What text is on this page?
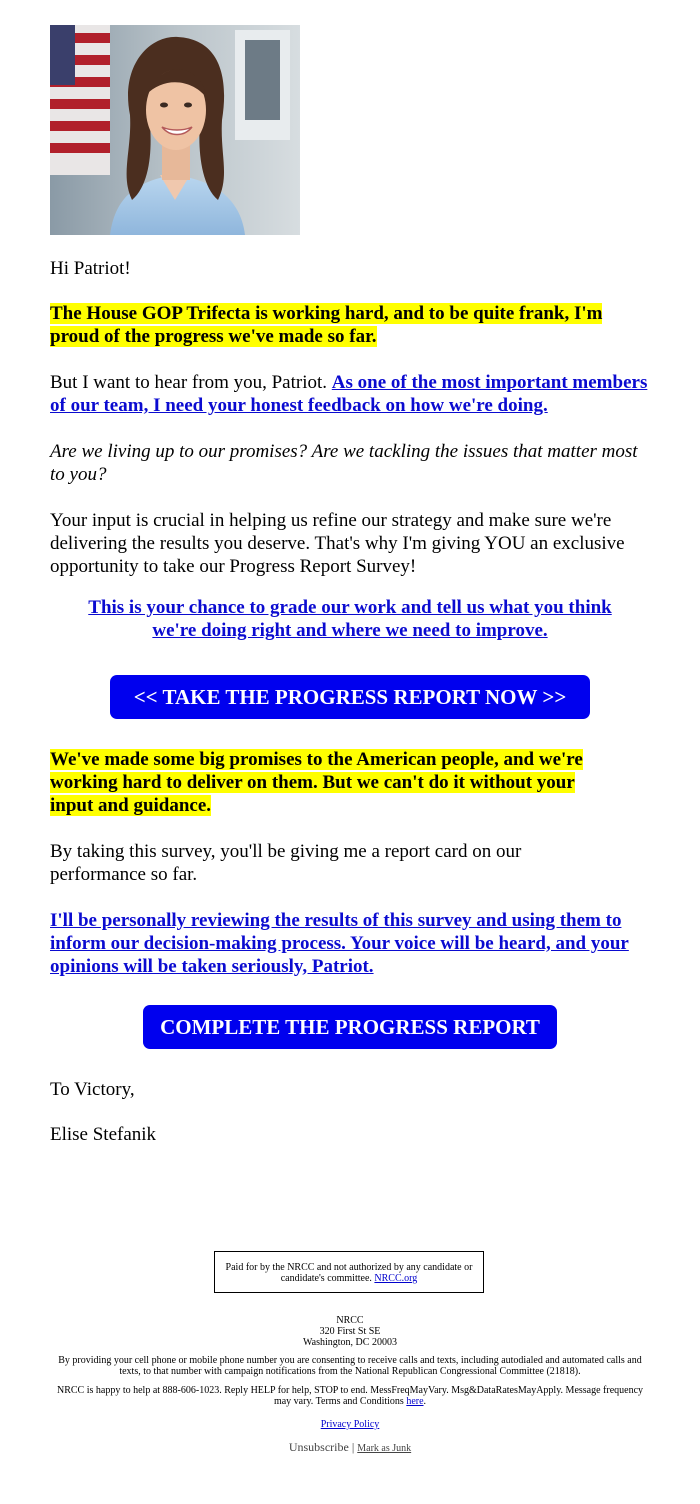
Hi Patriot!

The House GOP Trifecta is working hard, and to be quite frank, I'm proud of the progress we've made so far.

But I want to hear from you, Patriot. As one of the most important members of our team, I need your honest feedback on how we're doing.

Are we living up to our promises? Are we tackling the issues that matter most to you?

Your input is crucial in helping us refine our strategy and make sure we're delivering the results you deserve. That's why I'm giving YOU an exclusive opportunity to take our Progress Report Survey!

This is your chance to grade our work and tell us what you think we're doing right and where we need to improve.

<< TAKE THE PROGRESS REPORT NOW >>

We've made some big promises to the American people, and we're working hard to deliver on them. But we can't do it without your input and guidance.

By taking this survey, you'll be giving me a report card on our performance so far.

I'll be personally reviewing the results of this survey and using them to inform our decision-making process. Your voice will be heard, and your opinions will be taken seriously, Patriot.

COMPLETE THE PROGRESS REPORT

To Victory,

Elise Stefanik

Paid for by the NRCC and not authorized by any candidate or candidate's committee. NRCC.org
NRCC
320 First St SE
Washington, DC 20003
By providing your cell phone or mobile phone number you are consenting to receive calls and texts, including autodialed and automated calls and texts, to that number with campaign notifications from the National Republican Congressional Committee (21818).
NRCC is happy to help at 888-606-1023. Reply HELP for help, STOP to end. MessFreqMayVary. Msg&DataRatesMayApply. Message frequency may vary. Terms and Conditions here.
Privacy Policy
Unsubscribe | Mark as Junk
